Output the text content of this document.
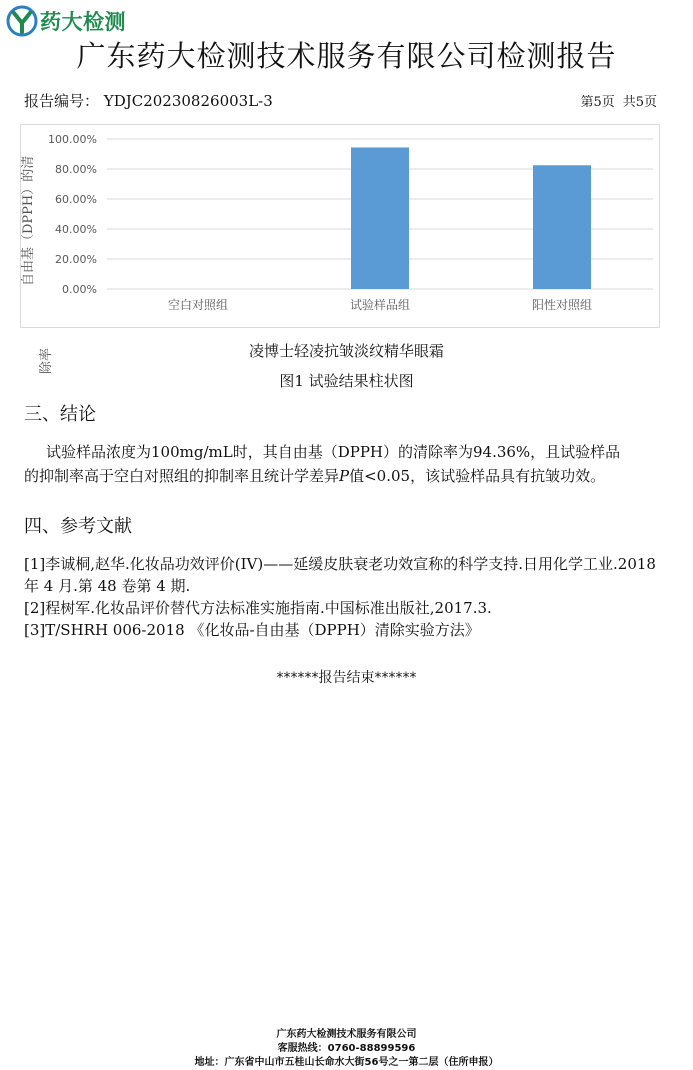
药大检测
广东药大检测技术服务有限公司检测报告
报告编号： YDJC20230826003L-3	第5页 共5页
0.00%
20.00%
40.00%
60.00%
80.00%
100.00%
空白对照组	试验样品组	阳性对照组
自由基（DPPH）的清
除率	凌博士轻凌抗皱淡纹精华眼霜
图1 试验结果柱状图
三、结论
试验样品浓度为100mg/mL时，其自由基（DPPH）的清除率为94.36%，且试验样品
的抑制率高于空白对照组的抑制率且统计学差异P值<0.05，该试验样品具有抗皱功效。
四、参考文献
[1]李诚桐,赵华.化妆品功效评价(IV)——延缓皮肤衰老功效宣称的科学支持.日用化学工业.2018 年 4 月.第 48 卷第 4 期.
[2]程树军.化妆品评价替代方法标准实施指南.中国标准出版社,2017.3.
[3]T/SHRH 006-2018 《化妆品-自由基（DPPH）清除实验方法》
******报告结束******
广东药大检测技术服务有限公司
客服热线：0760-88899596
地址：广东省中山市五桂山长命水大街56号之一第二层（住所申报）
